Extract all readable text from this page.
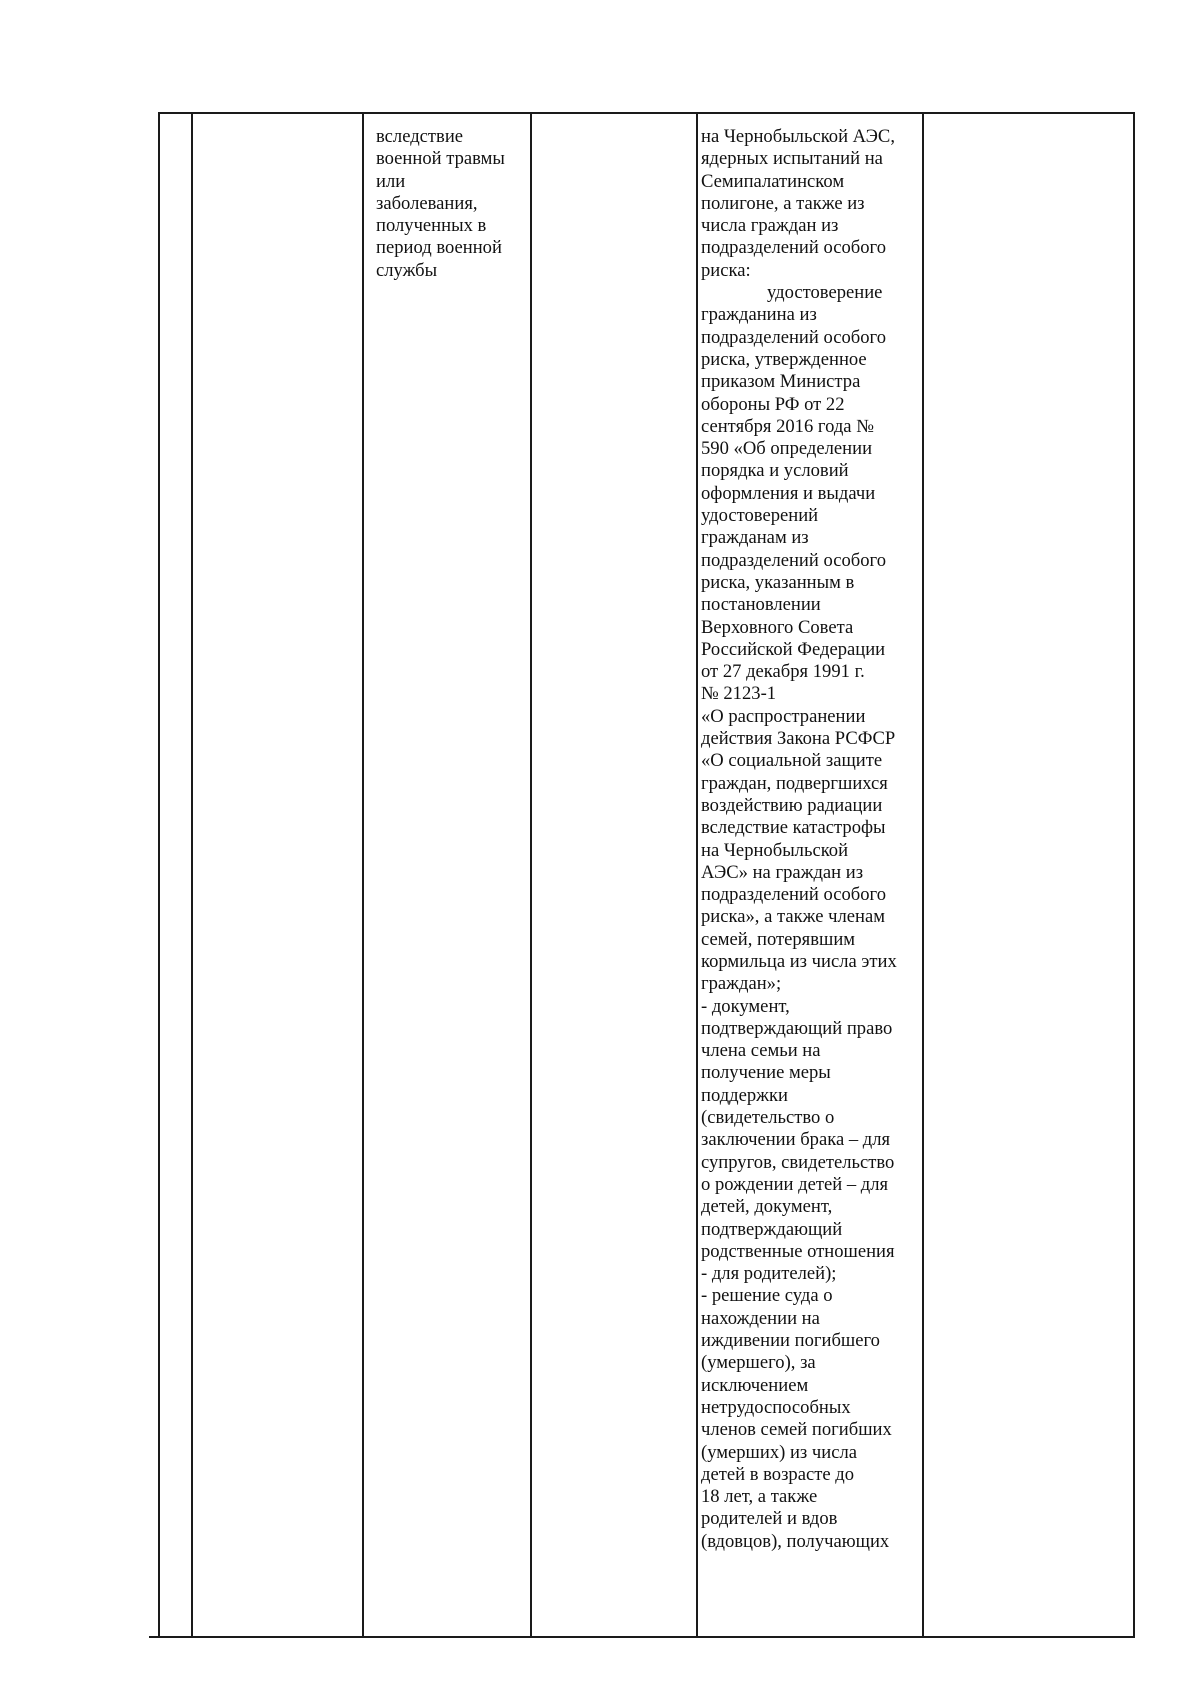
вследствие
военной травмы
или
заболевания,
полученных в
период военной
службы
на Чернобыльской АЭС,
ядерных испытаний на
Семипалатинском
полигоне, а также из
числа граждан из
подразделений особого
риска:
удостоверение
гражданина из
подразделений особого
риска, утвержденное
приказом Министра
обороны РФ от 22
сентября 2016 года №
590 «Об определении
порядка и условий
оформления и выдачи
удостоверений
гражданам из
подразделений особого
риска, указанным в
постановлении
Верховного Совета
Российской Федерации
от 27 декабря 1991 г.
№ 2123-1
«О распространении
действия Закона РСФСР
«О социальной защите
граждан, подвергшихся
воздействию радиации
вследствие катастрофы
на Чернобыльской
АЭС» на граждан из
подразделений особого
риска», а также членам
семей, потерявшим
кормильца из числа этих
граждан»;
- документ,
подтверждающий право
члена семьи на
получение меры
поддержки
(свидетельство о
заключении брака – для
супругов, свидетельство
о рождении детей – для
детей, документ,
подтверждающий
родственные отношения
- для родителей);
- решение суда о
нахождении на
иждивении погибшего
(умершего), за
исключением
нетрудоспособных
членов семей погибших
(умерших) из числа
детей в возрасте до
18 лет, а также
родителей и вдов
(вдовцов), получающих
